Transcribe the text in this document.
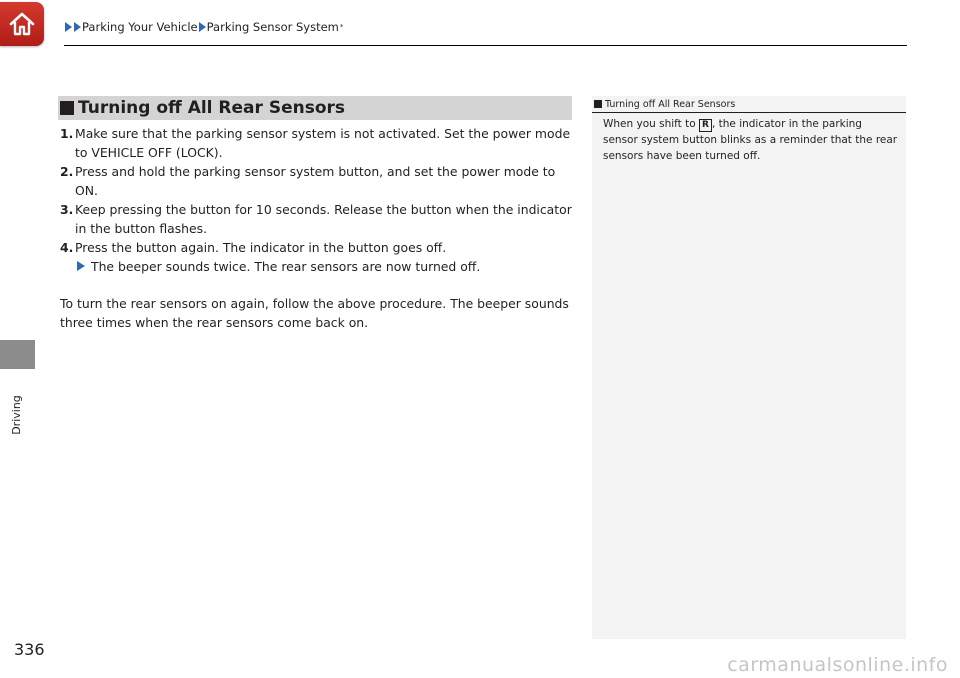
Parking Your Vehicle Parking Sensor System *
Driving
Turning off All Rear Sensors
1. Make sure that the parking sensor system is not activated. Set the power mode to VEHICLE OFF (LOCK).
2. Press and hold the parking sensor system button, and set the power mode to ON.
3. Keep pressing the button for 10 seconds. Release the button when the indicator in the button flashes.
4. Press the button again. The indicator in the button goes off.
The beeper sounds twice. The rear sensors are now turned off.
To turn the rear sensors on again, follow the above procedure. The beeper sounds three times when the rear sensors come back on.
Turning off All Rear Sensors
When you shift to R , the indicator in the parking sensor system button blinks as a reminder that the rear sensors have been turned off.
336
carmanualsonline.info
